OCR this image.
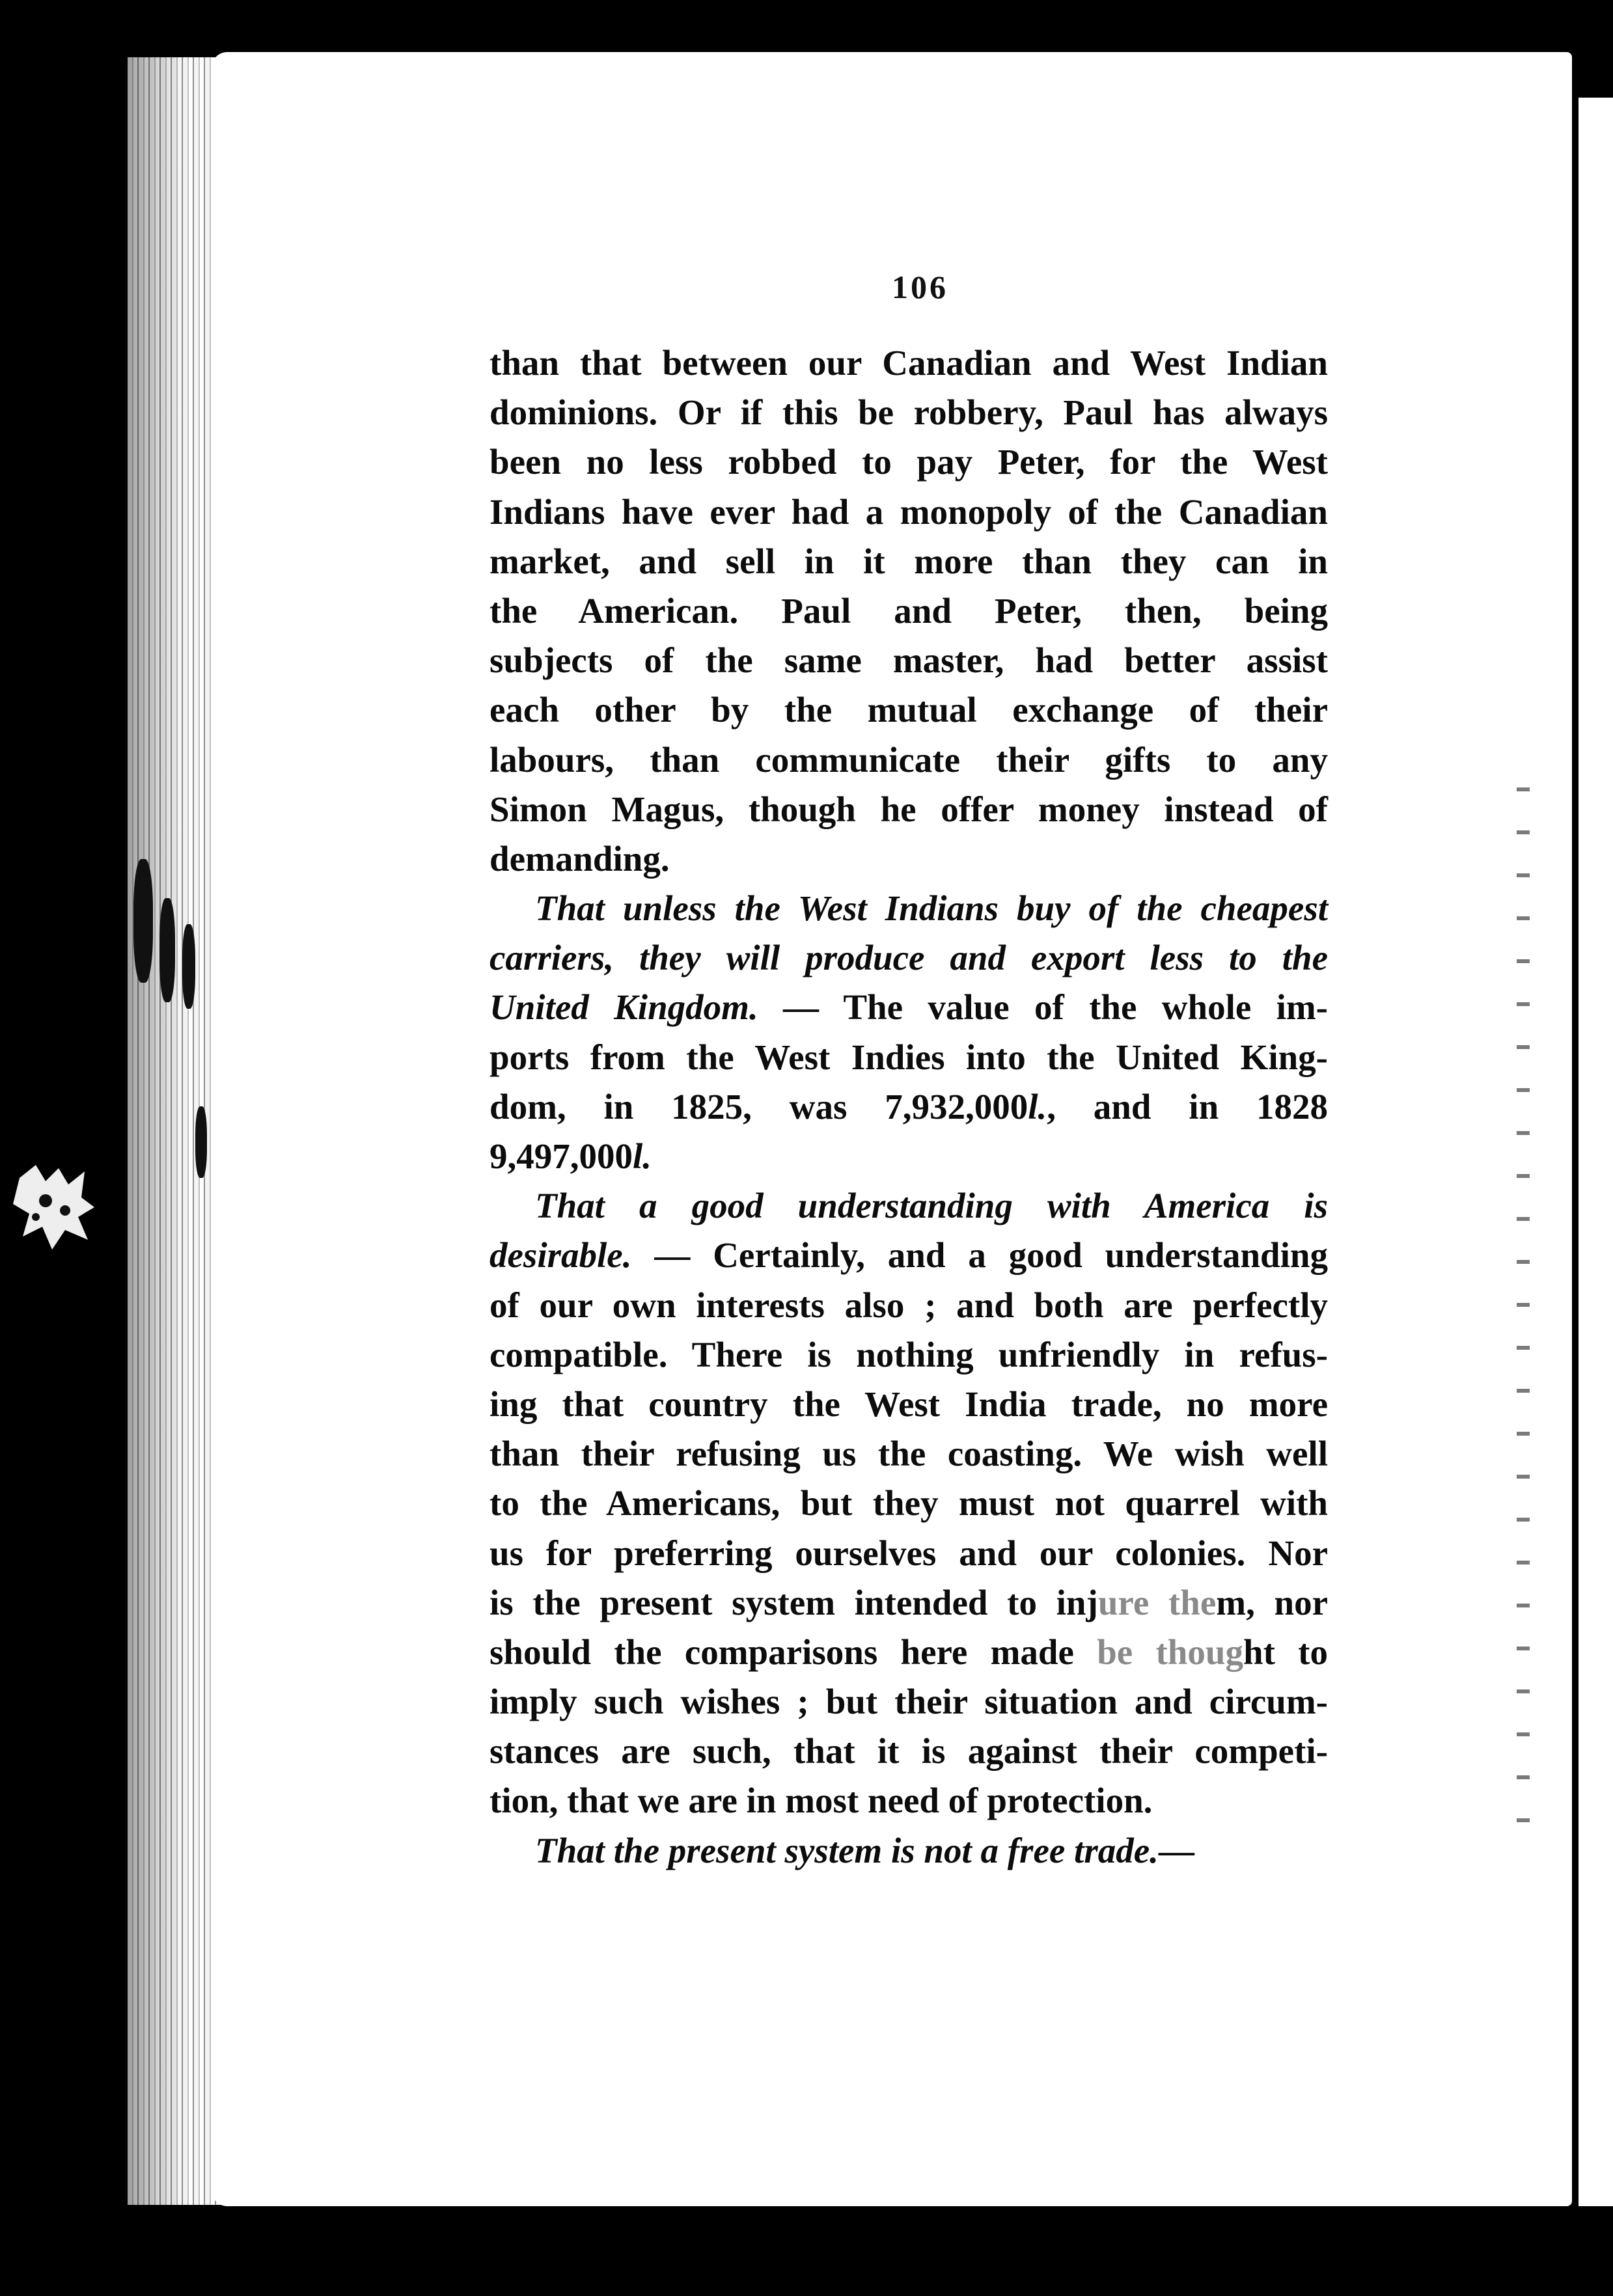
106
than that between our Canadian and West Indian
dominions. Or if this be robbery, Paul has always
been no less robbed to pay Peter, for the West
Indians have ever had a monopoly of the Canadian
market, and sell in it more than they can in
the American. Paul and Peter, then, being
subjects of the same master, had better assist
each other by the mutual exchange of their
labours, than communicate their gifts to any
Simon Magus, though he offer money instead of
demanding.
That unless the West Indians buy of the cheapest
carriers, they will produce and export less to the
United Kingdom. — The value of the whole im-
ports from the West Indies into the United King-
dom, in 1825, was 7,932,000l., and in 1828
9,497,000l.
That a good understanding with America is
desirable. — Certainly, and a good understanding
of our own interests also ; and both are perfectly
compatible. There is nothing unfriendly in refus-
ing that country the West India trade, no more
than their refusing us the coasting. We wish well
to the Americans, but they must not quarrel with
us for preferring ourselves and our colonies. Nor
is the present system intended to injure them, nor
should the comparisons here made be thought to
imply such wishes ; but their situation and circum-
stances are such, that it is against their competi-
tion, that we are in most need of protection.
That the present system is not a free trade.—
